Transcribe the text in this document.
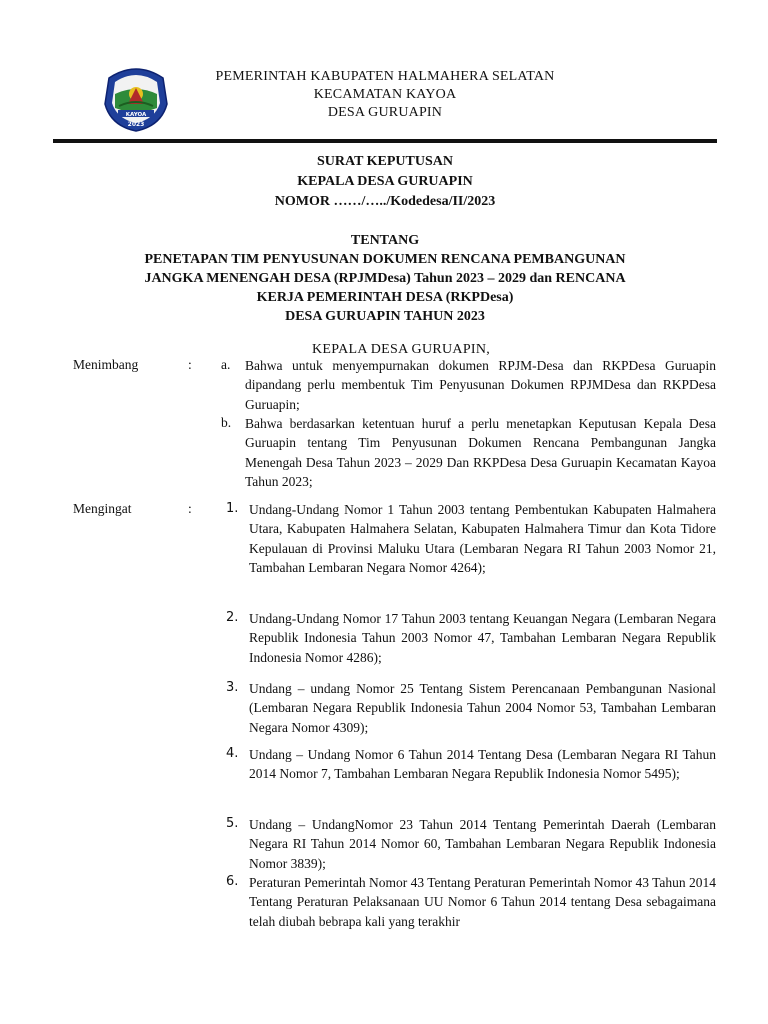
KAYOA
2023
PEMERINTAH KABUPATEN HALMAHERA SELATAN
KECAMATAN KAYOA
DESA GURUAPIN
SURAT KEPUTUSAN
KEPALA DESA GURUAPIN
NOMOR ……/…../Kodedesa/II/2023
TENTANG
PENETAPAN TIM PENYUSUNAN DOKUMEN RENCANA PEMBANGUNAN
JANGKA MENENGAH DESA (RPJMDesa) Tahun 2023 – 2029 dan RENCANA
KERJA PEMERINTAH DESA (RKPDesa)
DESA GURUAPIN TAHUN 2023
KEPALA DESA GURUAPIN,
Menimbang	: a. Bahwa untuk menyempurnakan dokumen RPJM-Desa dan RKPDesa Guruapin dipandang perlu membentuk Tim Penyusunan Dokumen RPJMDesa dan RKPDesa Guruapin;
b. Bahwa berdasarkan ketentuan huruf a perlu menetapkan Keputusan Kepala Desa Guruapin tentang Tim Penyusunan Dokumen Rencana Pembangunan Jangka Menengah Desa Tahun 2023 – 2029 Dan RKPDesa Desa Guruapin Kecamatan Kayoa Tahun 2023;
Mengingat	:	1. Undang-Undang Nomor 1 Tahun 2003 tentang Pembentukan Kabupaten Halmahera Utara, Kabupaten Halmahera Selatan, Kabupaten Halmahera Timur dan Kota Tidore Kepulauan di Provinsi Maluku Utara (Lembaran Negara RI Tahun 2003 Nomor 21, Tambahan Lembaran Negara Nomor 4264);
2. Undang-Undang Nomor 17 Tahun 2003 tentang Keuangan Negara (Lembaran Negara Republik Indonesia Tahun 2003 Nomor 47, Tambahan Lembaran Negara Republik Indonesia Nomor 4286);
3. Undang – undang Nomor 25 Tentang Sistem Perencanaan Pembangunan Nasional (Lembaran Negara Republik Indonesia Tahun 2004 Nomor 53, Tambahan Lembaran Negara Nomor 4309);
4. Undang – Undang Nomor 6 Tahun 2014 Tentang Desa (Lembaran Negara RI Tahun 2014 Nomor 7, Tambahan Lembaran Negara Republik Indonesia Nomor 5495);
5. Undang – UndangNomor 23 Tahun 2014 Tentang Pemerintah Daerah (Lembaran Negara RI Tahun 2014 Nomor 60, Tambahan Lembaran Negara Republik Indonesia Nomor 3839);
6. Peraturan Pemerintah Nomor 43 Tentang Peraturan Pemerintah Nomor 43 Tahun 2014 Tentang Peraturan Pelaksanaan UU Nomor 6 Tahun 2014 tentang Desa sebagaimana telah diubah bebrapa kali yang terakhir
